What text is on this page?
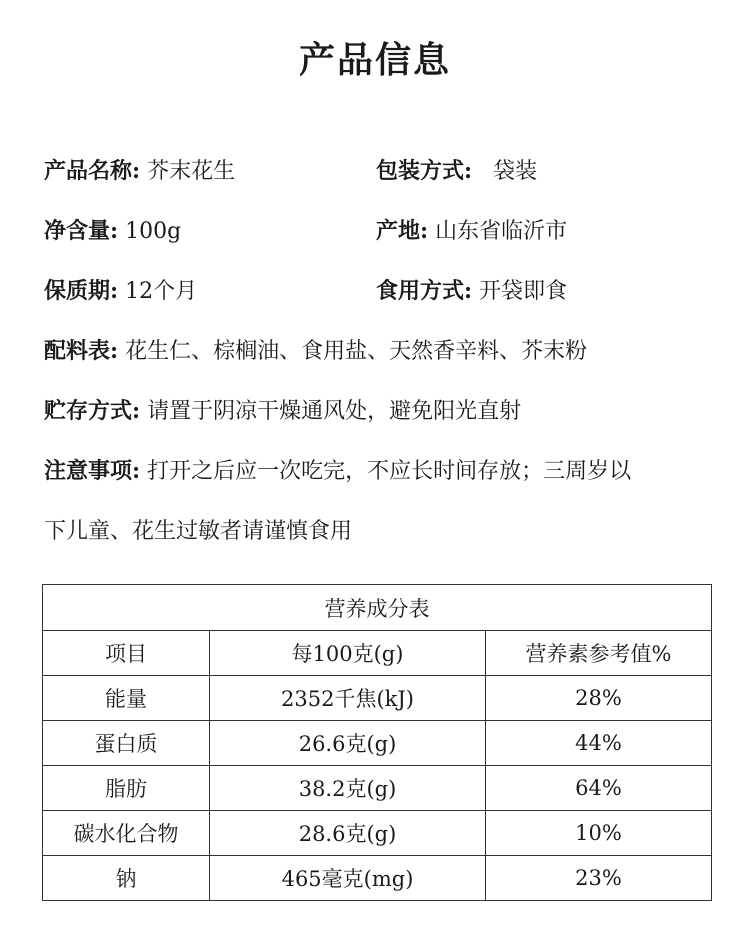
产品信息
产品名称: 芥末花生	包装方式: 袋装
净含量: 100g	产地: 山东省临沂市
保质期: 12个月	食用方式: 开袋即食
配料表: 花生仁、棕榈油、食用盐、天然香辛料、芥末粉
贮存方式: 请置于阴凉干燥通风处，避免阳光直射
注意事项: 打开之后应一次吃完，不应长时间存放；三周岁以
下儿童、花生过敏者请谨慎食用
营养成分表		
项目	每100克(g)	营养素参考值%
能量	2352千焦(kJ)	28%
蛋白质	26.6克(g)	44%
脂肪	38.2克(g)	64%
碳水化合物	28.6克(g)	10%
钠	465毫克(mg)	23%
